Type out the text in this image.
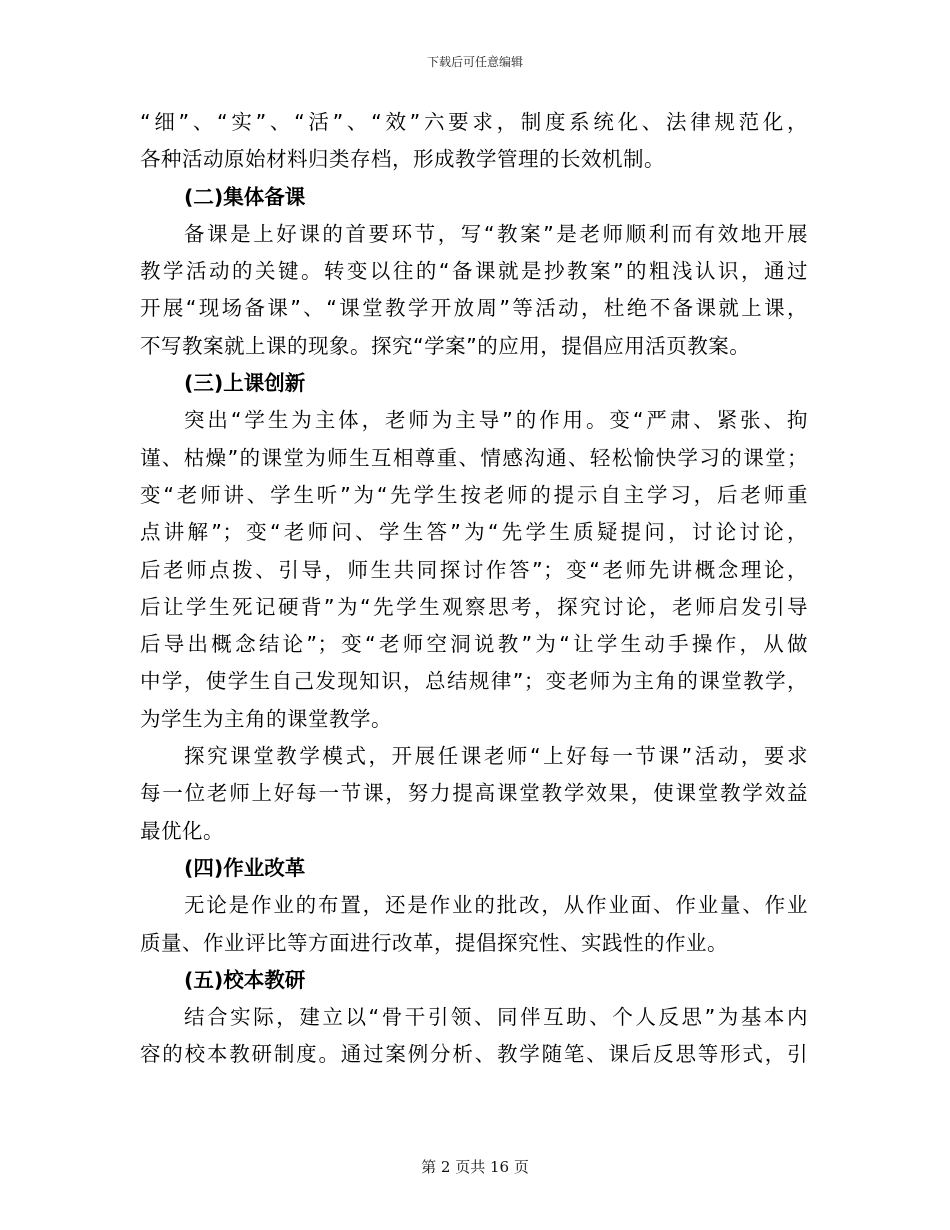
下载后可任意编辑
“细”、“实”、“活”、“效”六要求，制度系统化、法律规范化，
各种活动原始材料归类存档，形成教学管理的长效机制。
(二)集体备课
备课是上好课的首要环节，写“教案”是老师顺利而有效地开展
教学活动的关键。转变以往的“备课就是抄教案”的粗浅认识，通过
开展“现场备课”、“课堂教学开放周”等活动，杜绝不备课就上课，
不写教案就上课的现象。探究“学案”的应用，提倡应用活页教案。
(三)上课创新
突出“学生为主体，老师为主导”的作用。变“严肃、紧张、拘
谨、枯燥”的课堂为师生互相尊重、情感沟通、轻松愉快学习的课堂；
变“老师讲、学生听”为“先学生按老师的提示自主学习，后老师重
点讲解”；变“老师问、学生答”为“先学生质疑提问，讨论讨论，
后老师点拨、引导，师生共同探讨作答”；变“老师先讲概念理论，
后让学生死记硬背”为“先学生观察思考，探究讨论，老师启发引导
后导出概念结论”；变“老师空洞说教”为“让学生动手操作，从做
中学，使学生自己发现知识，总结规律”；变老师为主角的课堂教学，
为学生为主角的课堂教学。
探究课堂教学模式，开展任课老师“上好每一节课”活动，要求
每一位老师上好每一节课，努力提高课堂教学效果，使课堂教学效益
最优化。
(四)作业改革
无论是作业的布置，还是作业的批改，从作业面、作业量、作业
质量、作业评比等方面进行改革，提倡探究性、实践性的作业。
(五)校本教研
结合实际，建立以“骨干引领、同伴互助、个人反思”为基本内
容的校本教研制度。通过案例分析、教学随笔、课后反思等形式，引
第 2 页共 16 页
